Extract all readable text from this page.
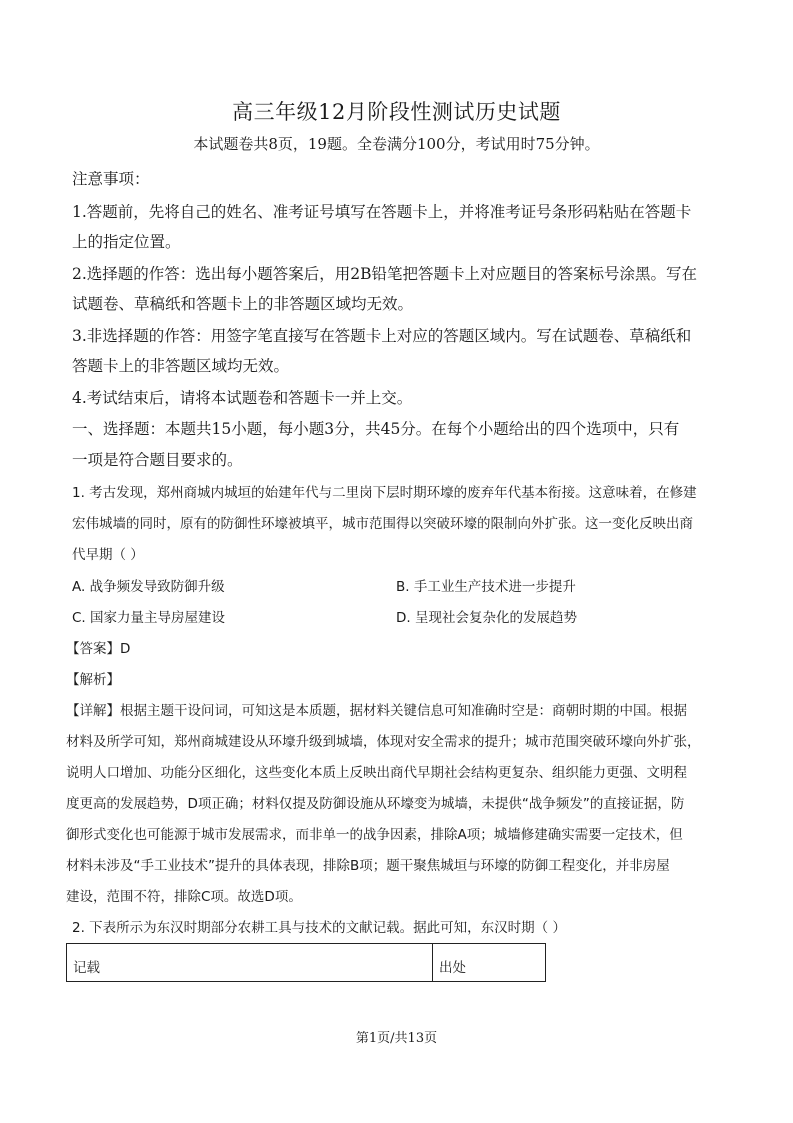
高三年级12月阶段性测试历史试题
本试题卷共8页，19题。全卷满分100分，考试用时75分钟。
注意事项：
1.答题前，先将自己的姓名、准考证号填写在答题卡上，并将准考证号条形码粘贴在答题卡
上的指定位置。
2.选择题的作答：选出每小题答案后，用2B铅笔把答题卡上对应题目的答案标号涂黑。写在
试题卷、草稿纸和答题卡上的非答题区域均无效。
3.非选择题的作答：用签字笔直接写在答题卡上对应的答题区域内。写在试题卷、草稿纸和
答题卡上的非答题区域均无效。
4.考试结束后，请将本试题卷和答题卡一并上交。
一、选择题：本题共15小题，每小题3分，共45分。在每个小题给出的四个选项中，只有
一项是符合题目要求的。
1. 考古发现，郑州商城内城垣的始建年代与二里岗下层时期环壕的废弃年代基本衔接。这意味着，在修建
宏伟城墙的同时，原有的防御性环壕被填平，城市范围得以突破环壕的限制向外扩张。这一变化反映出商
代早期（ ）
A. 战争频发导致防御升级	B. 手工业生产技术进一步提升
C. 国家力量主导房屋建设	D. 呈现社会复杂化的发展趋势
【答案】D
【解析】
【详解】根据主题干设问词，可知这是本质题，据材料关键信息可知准确时空是：商朝时期的中国。根据
材料及所学可知，郑州商城建设从环壕升级到城墙，体现对安全需求的提升；城市范围突破环壕向外扩张，
说明人口增加、功能分区细化，这些变化本质上反映出商代早期社会结构更复杂、组织能力更强、文明程
度更高的发展趋势，D项正确；材料仅提及防御设施从环壕变为城墙，未提供“战争频发”的直接证据，防
御形式变化也可能源于城市发展需求，而非单一的战争因素，排除A项；城墙修建确实需要一定技术，但
材料未涉及“手工业技术”提升的具体表现，排除B项；题干聚焦城垣与环壕的防御工程变化，并非房屋
建设，范围不符，排除C项。故选D项。
2. 下表所示为东汉时期部分农耕工具与技术的文献记载。据此可知，东汉时期（ ）
记载	出处
第1页/共13页
